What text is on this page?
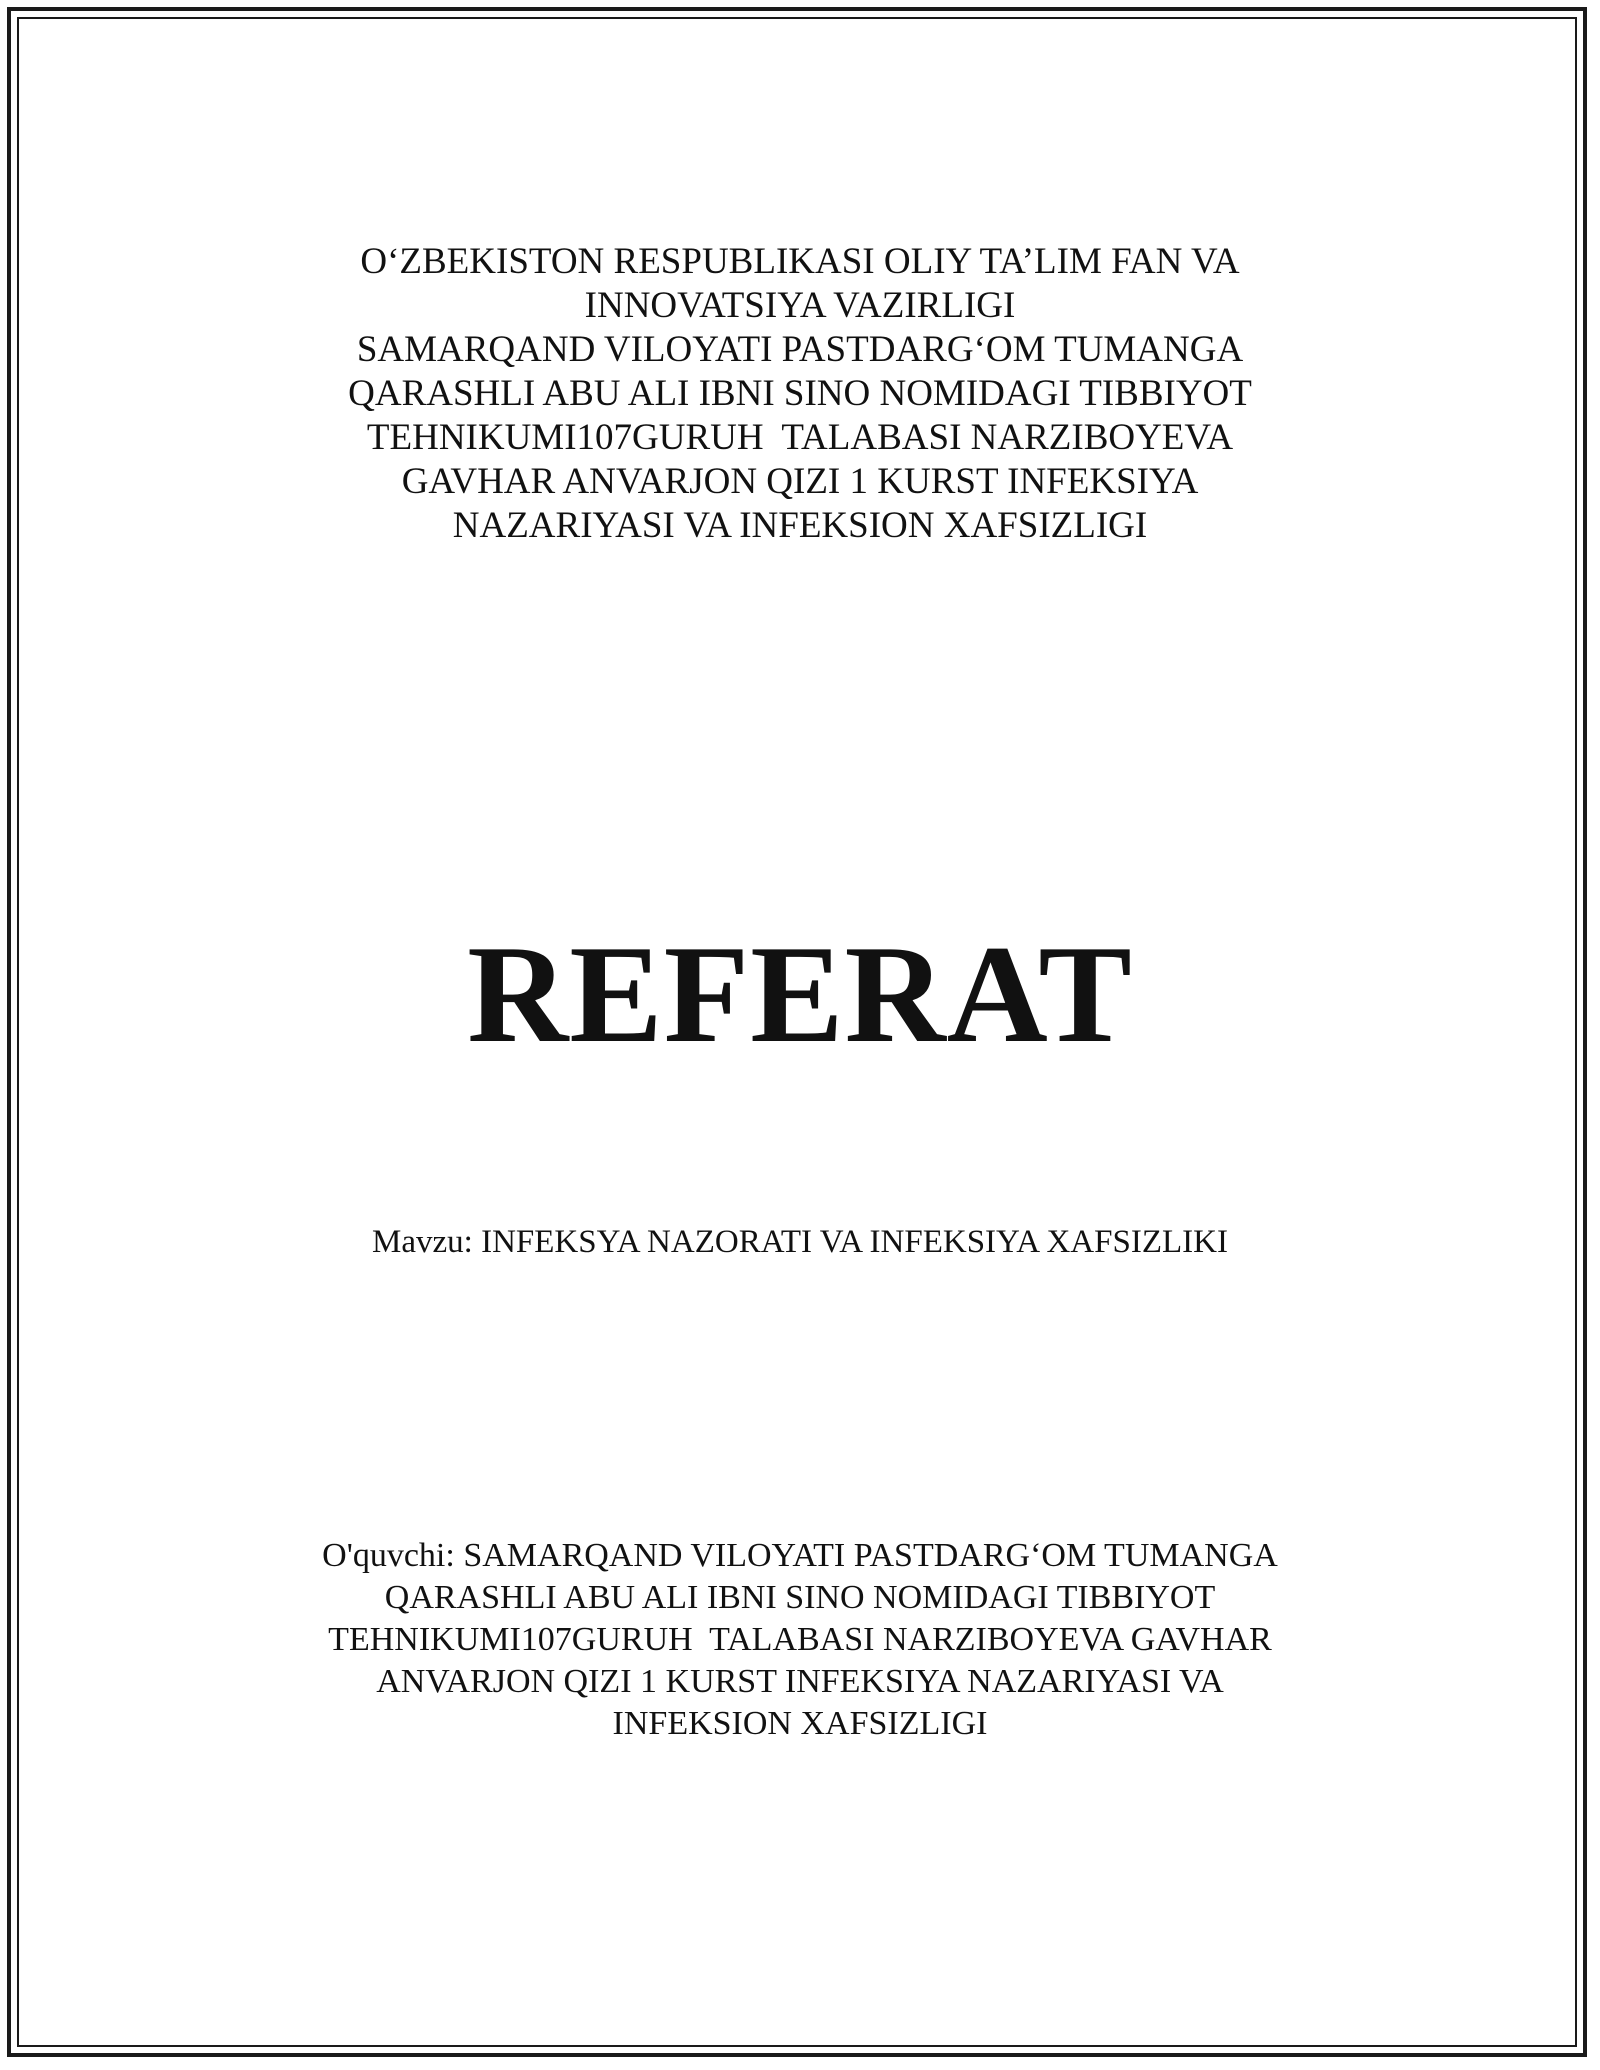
O‘ZBEKISTON RESPUBLIKASI OLIY TA’LIM FAN VA
INNOVATSIYA VAZIRLIGI
SAMARQAND VILOYATI PASTDARG‘OM TUMANGA
QARASHLI ABU ALI IBNI SINO NOMIDAGI TIBBIYOT
TEHNIKUMI107GURUH  TALABASI NARZIBOYEVA
GAVHAR ANVARJON QIZI 1 KURST INFEKSIYA
NAZARIYASI VA INFEKSION XAFSIZLIGI
REFERAT
Mavzu: INFEKSYA NAZORATI VA INFEKSIYA XAFSIZLIKI
O'quvchi: SAMARQAND VILOYATI PASTDARG‘OM TUMANGA
QARASHLI ABU ALI IBNI SINO NOMIDAGI TIBBIYOT
TEHNIKUMI107GURUH  TALABASI NARZIBOYEVA GAVHAR
ANVARJON QIZI 1 KURST INFEKSIYA NAZARIYASI VA
INFEKSION XAFSIZLIGI
